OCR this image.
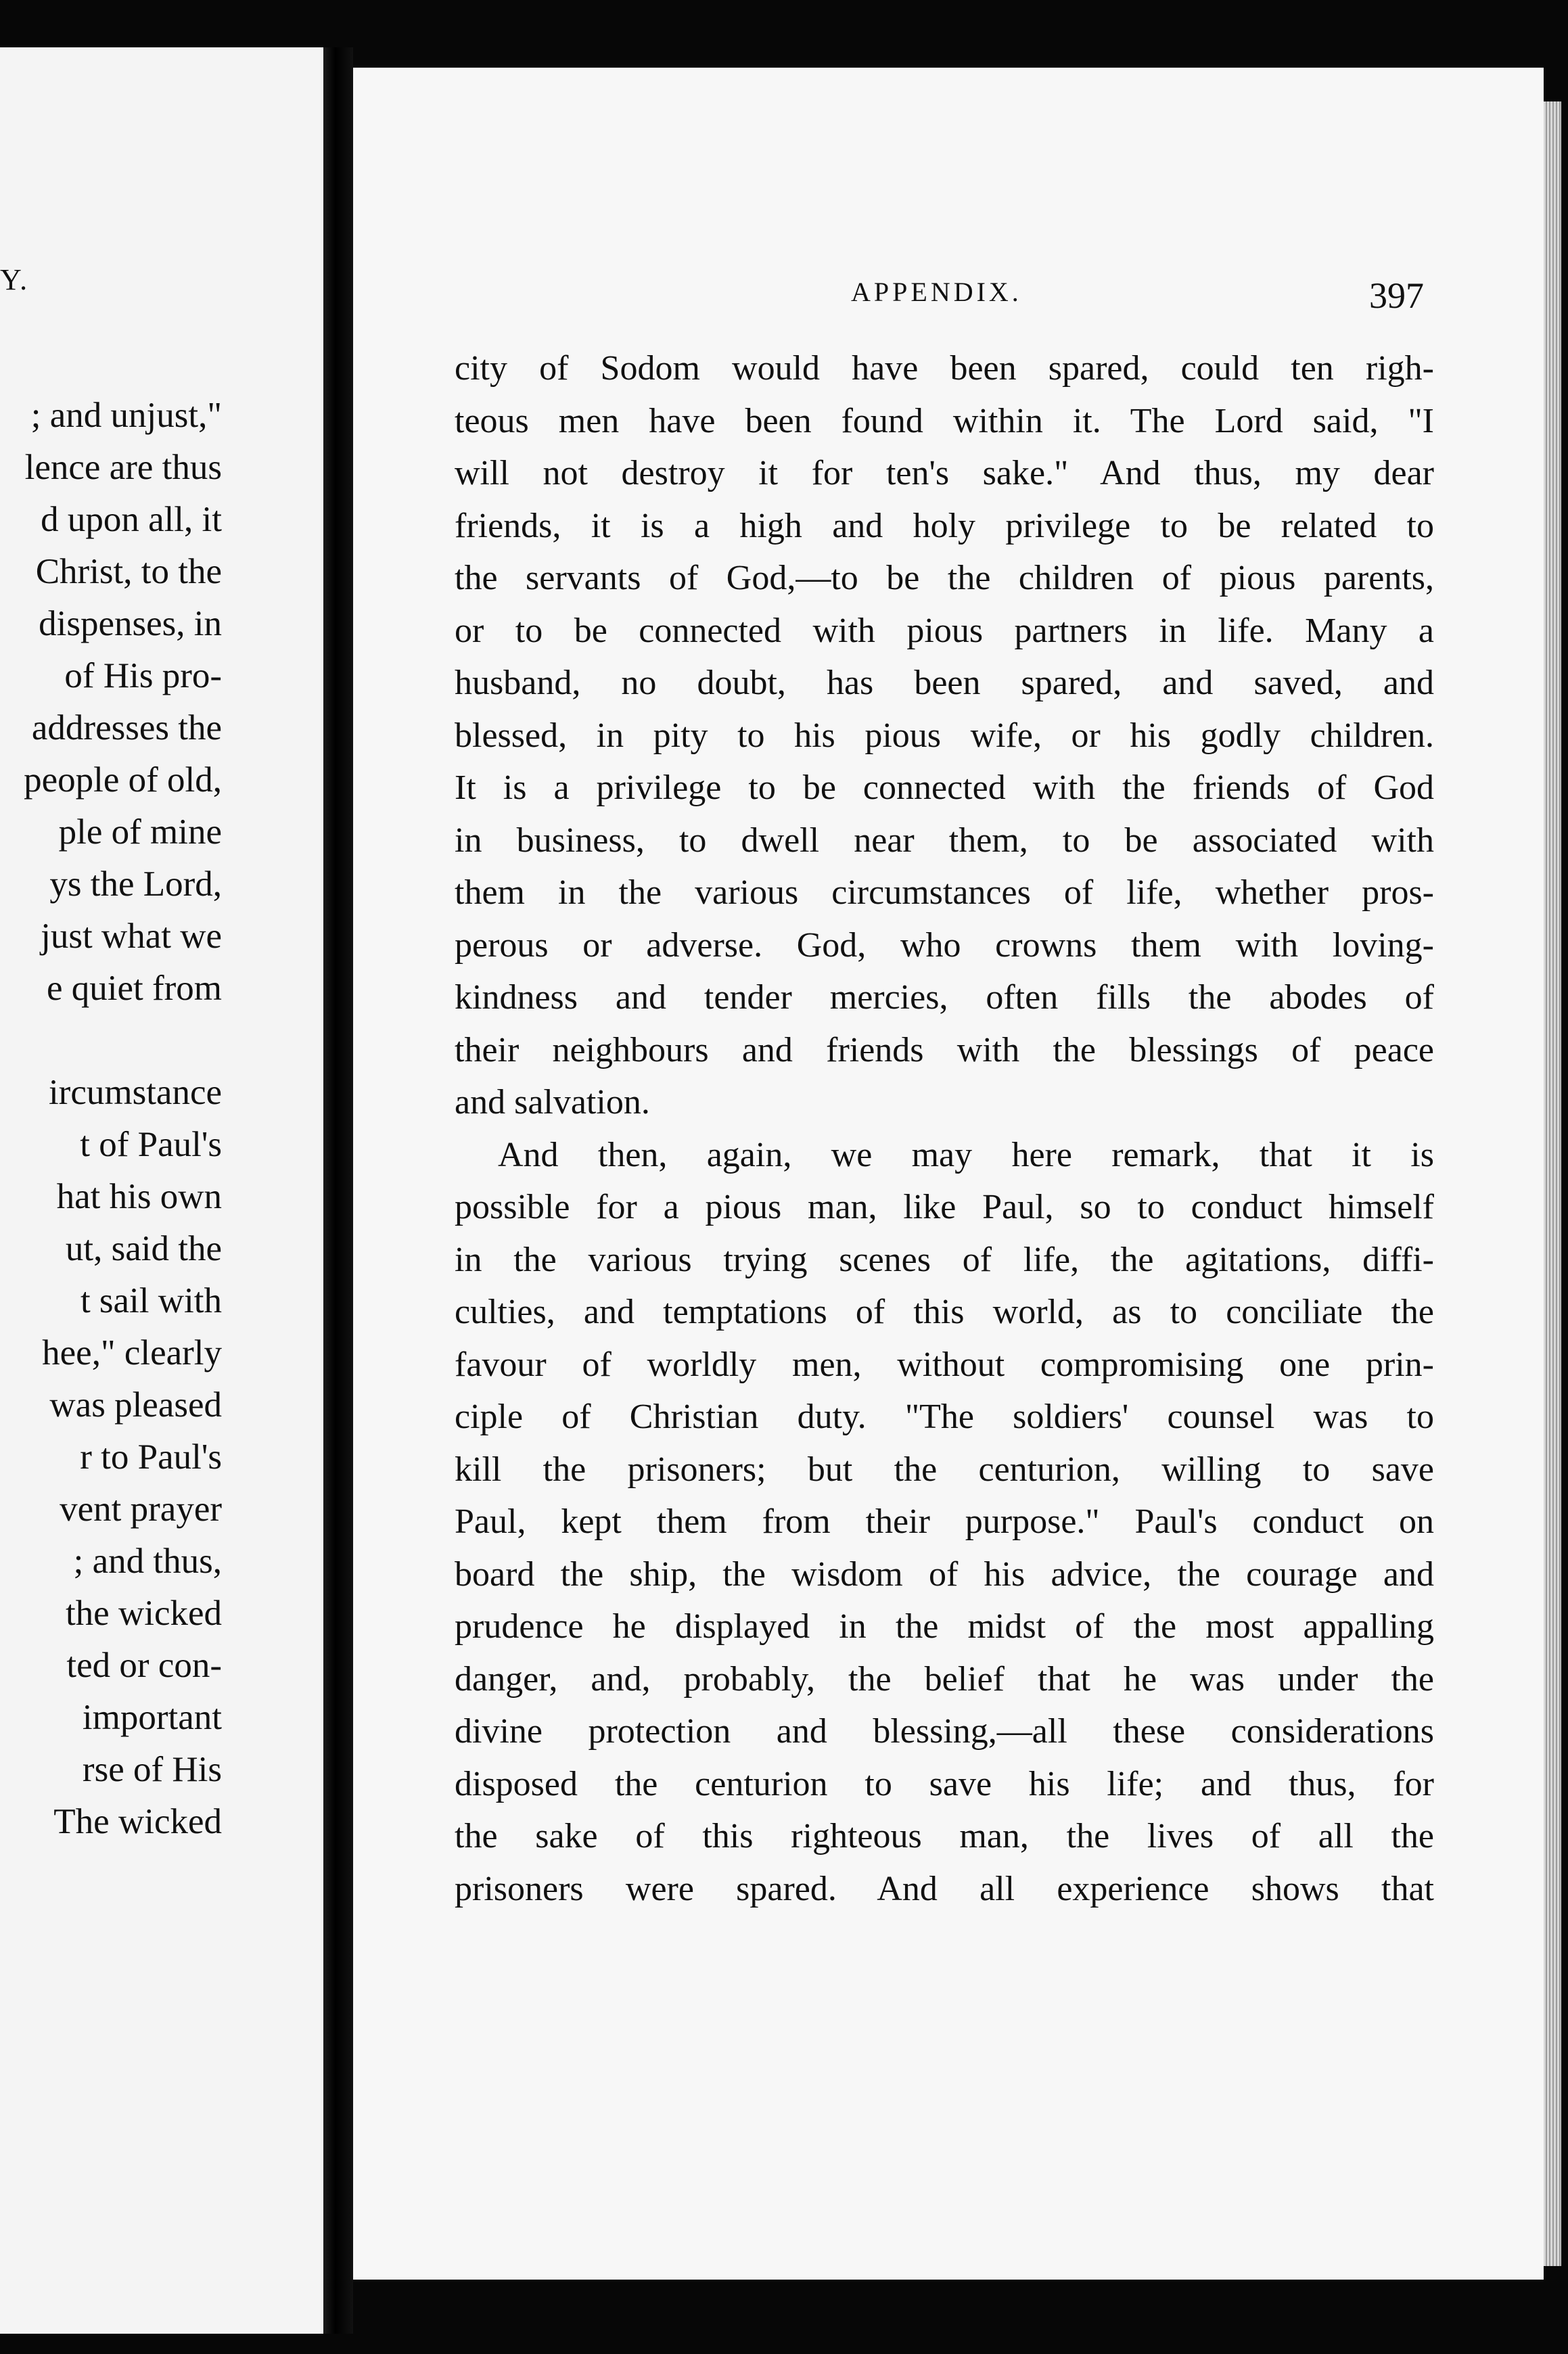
Y.
; and unjust,"
lence are thus
d upon all, it
Christ, to the
dispenses, in
of His pro-
addresses the
people of old,
ple of mine
ys the Lord,
just what we
e quiet from
ircumstance
t of Paul's
hat his own
ut, said the
t sail with
hee," clearly
was pleased
r to Paul's
vent prayer
; and thus,
the wicked
ted or con-
important
rse of His
The wicked
APPENDIX.	397
city of Sodom would have been spared, could ten righ-
teous men have been found within it. The Lord said, "I
will not destroy it for ten's sake." And thus, my dear
friends, it is a high and holy privilege to be related to
the servants of God,—to be the children of pious parents,
or to be connected with pious partners in life. Many a
husband, no doubt, has been spared, and saved, and
blessed, in pity to his pious wife, or his godly children.
It is a privilege to be connected with the friends of God
in business, to dwell near them, to be associated with
them in the various circumstances of life, whether pros-
perous or adverse. God, who crowns them with loving-
kindness and tender mercies, often fills the abodes of
their neighbours and friends with the blessings of peace
and salvation.
And then, again, we may here remark, that it is
possible for a pious man, like Paul, so to conduct himself
in the various trying scenes of life, the agitations, diffi-
culties, and temptations of this world, as to conciliate the
favour of worldly men, without compromising one prin-
ciple of Christian duty. "The soldiers' counsel was to
kill the prisoners; but the centurion, willing to save
Paul, kept them from their purpose." Paul's conduct on
board the ship, the wisdom of his advice, the courage and
prudence he displayed in the midst of the most appalling
danger, and, probably, the belief that he was under the
divine protection and blessing,—all these considerations
disposed the centurion to save his life; and thus, for
the sake of this righteous man, the lives of all the
prisoners were spared. And all experience shows that
